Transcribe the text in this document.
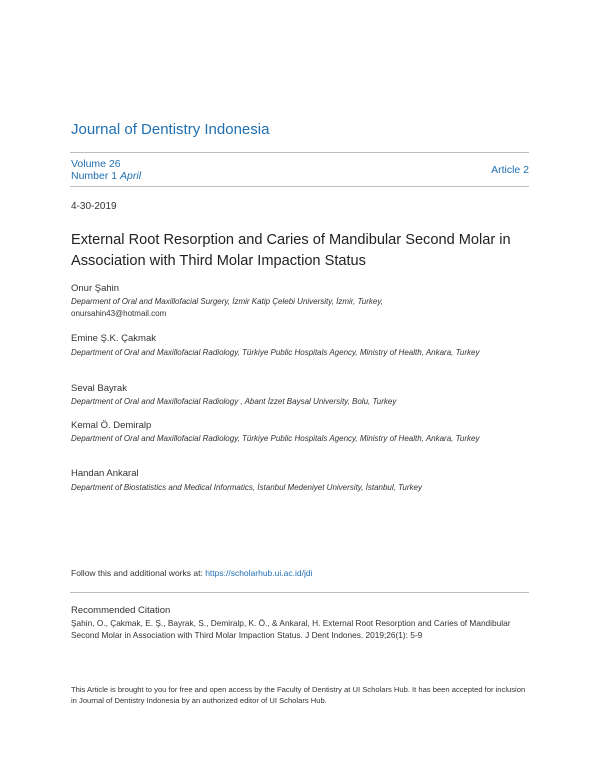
Journal of Dentistry Indonesia
Volume 26
Number 1 April	Article 2
4-30-2019
External Root Resorption and Caries of Mandibular Second Molar in Association with Third Molar Impaction Status
Onur Şahin
Deparment of Oral and Maxillofacial Surgery, İzmir Katip Çelebi University, İzmir, Turkey,
onursahin43@hotmail.com
Emine Ş.K. Çakmak
Department of Oral and Maxillofacial Radiology, Türkiye Public Hospitals Agency, Ministry of Health, Ankara, Turkey
Seval Bayrak
Department of Oral and Maxillofacial Radiology , Abant İzzet Baysal University, Bolu, Turkey
Kemal Ö. Demiralp
Department of Oral and Maxillofacial Radiology, Türkiye Public Hospitals Agency, Ministry of Health, Ankara, Turkey
Handan Ankaral
Department of Biostatistics and Medical Informatics, İstanbul Medeniyet University, İstanbul, Turkey
Follow this and additional works at: https://scholarhub.ui.ac.id/jdi
Recommended Citation
Şahin, O., Çakmak, E. Ş., Bayrak, S., Demiralp, K. Ö., & Ankaral, H. External Root Resorption and Caries of Mandibular Second Molar in Association with Third Molar Impaction Status. J Dent Indones. 2019;26(1): 5-9
This Article is brought to you for free and open access by the Faculty of Dentistry at UI Scholars Hub. It has been accepted for inclusion in Journal of Dentistry Indonesia by an authorized editor of UI Scholars Hub.
